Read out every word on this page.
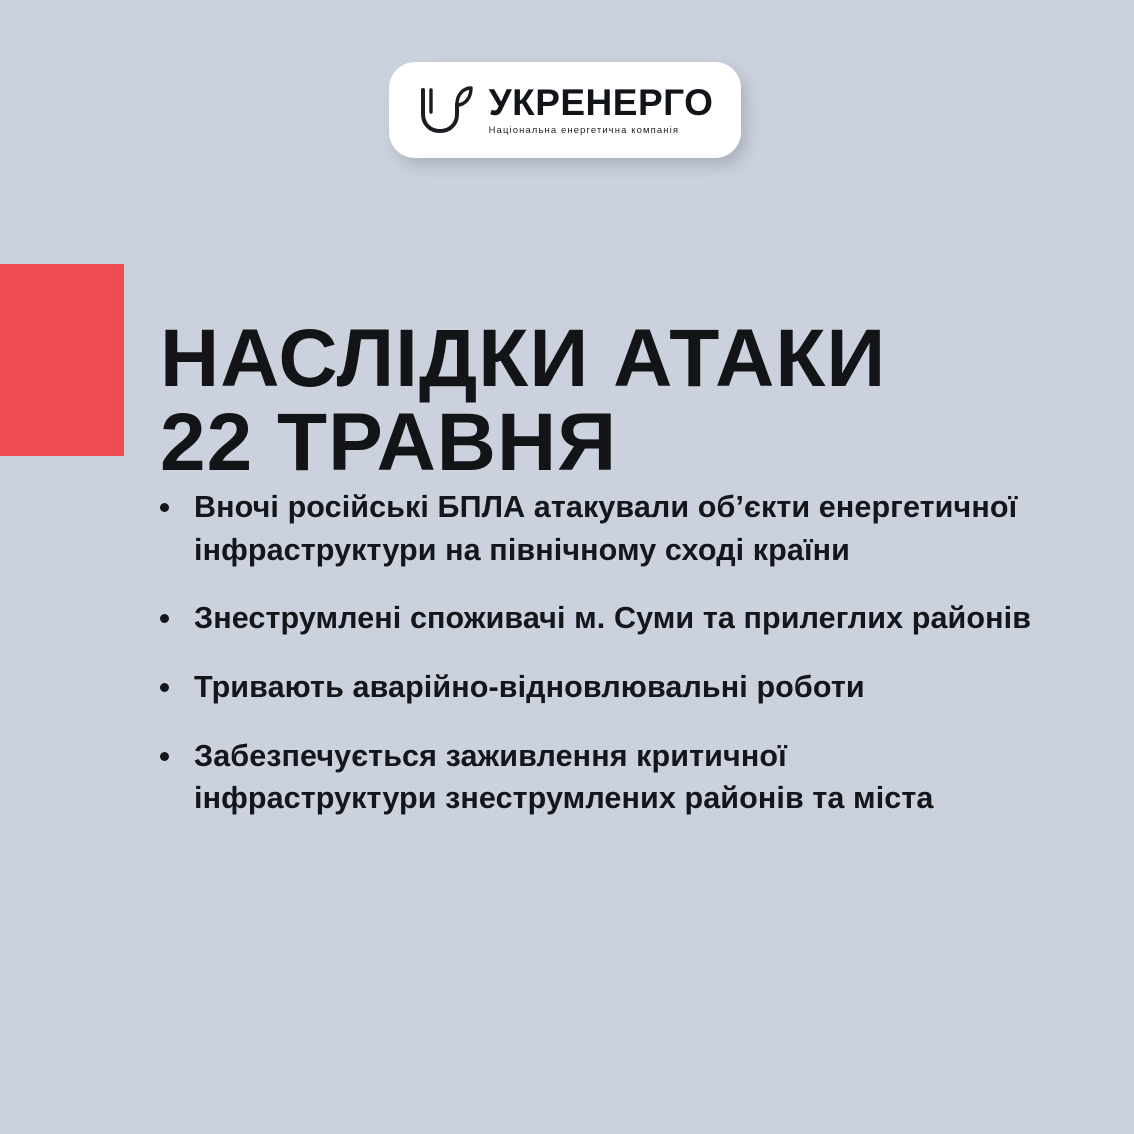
УКРЕНЕРГО
Національна енергетична компанія
НАСЛІДКИ АТАКИ
22 ТРАВНЯ
Вночі російські БПЛА атакували об’єкти енергетичної інфраструктури на північному сході країни
Знеструмлені споживачі м. Суми та прилеглих районів
Тривають аварійно-відновлювальні роботи
Забезпечується заживлення критичної інфраструктури знеструмлених районів та міста
